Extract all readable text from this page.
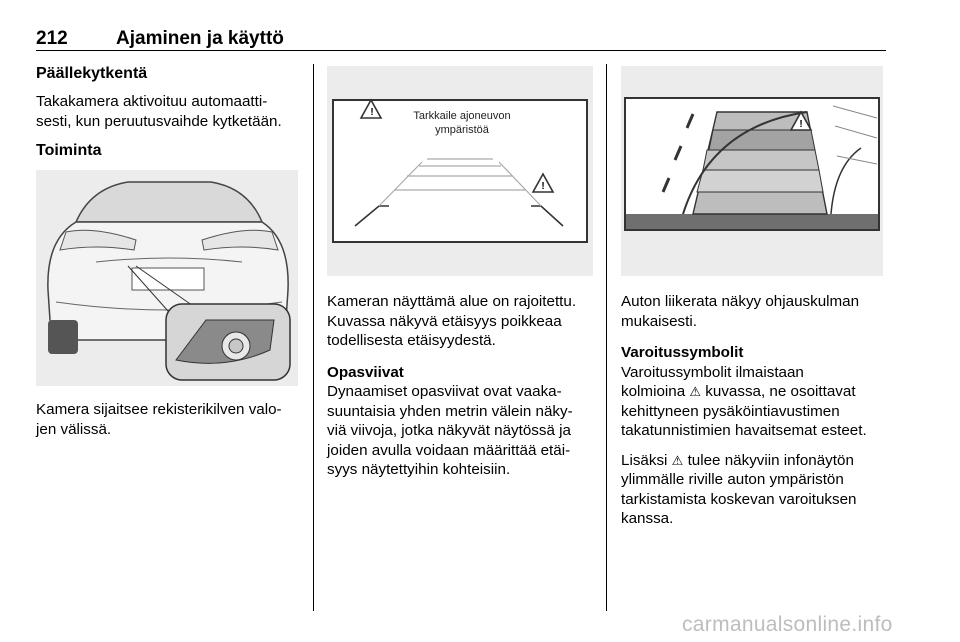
212	Ajaminen ja käyttö
Päällekytkentä
Takakamera aktivoituu automaatti-
sesti, kun peruutusvaihde kytketään.
Toiminta
Kamera sijaitsee rekisterikilven valo-
jen välissä.
!
!
Tarkkaile ajoneuvon
ympäristöä
Kameran näyttämä alue on rajoitettu.
Kuvassa näkyvä etäisyys poikkeaa
todellisesta etäisyydestä.
Opasviivat
Dynaamiset opasviivat ovat vaaka-
suuntaisia yhden metrin välein näky-
viä viivoja, jotka näkyvät näytössä ja
joiden avulla voidaan määrittää etäi-
syys näytettyihin kohteisiin.
!
Auton liikerata näkyy ohjauskulman
mukaisesti.
Varoitussymbolit
Varoitussymbolit ilmaistaan
kolmioina ⚠ kuvassa, ne osoittavat
kehittyneen pysäköintiavustimen
takatunnistimien havaitsemat esteet.
Lisäksi ⚠ tulee näkyviin infonäytön
ylimmälle riville auton ympäristön
tarkistamista koskevan varoituksen
kanssa.
carmanualsonline.info
